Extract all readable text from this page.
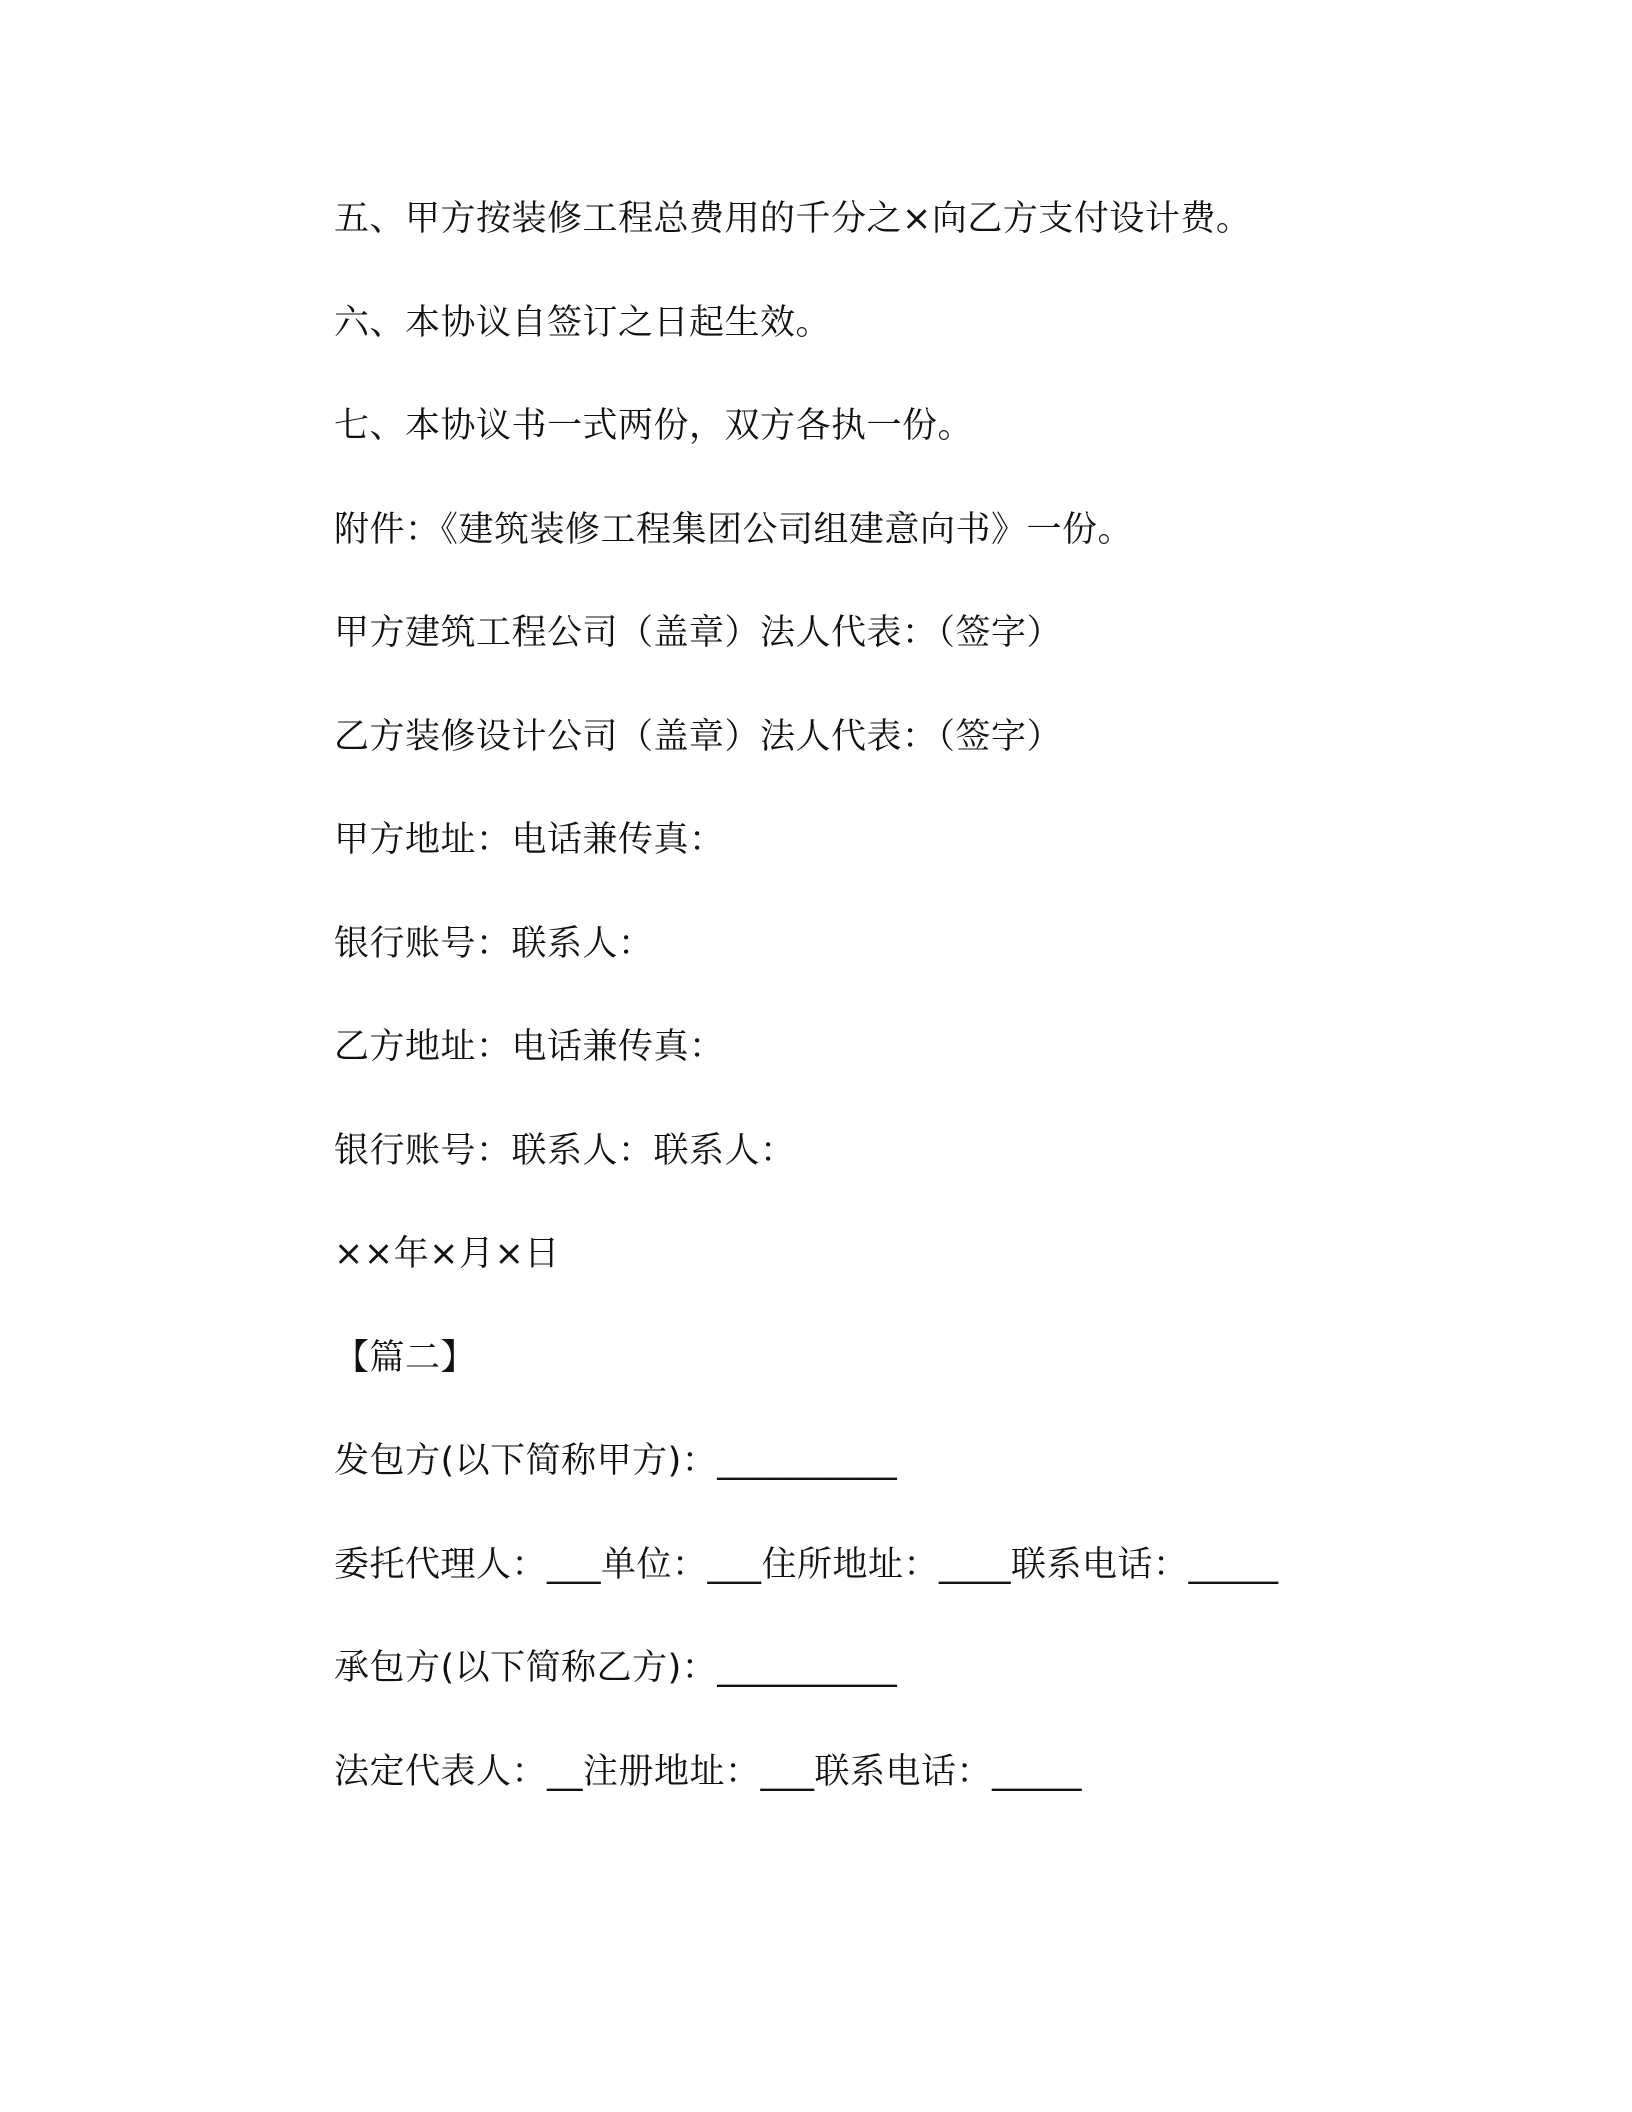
五、甲方按装修工程总费用的千分之×向乙方支付设计费。
六、本协议自签订之日起生效。
七、本协议书一式两份，双方各执一份。
附件：《建筑装修工程集团公司组建意向书》一份。
甲方建筑工程公司（盖章）法人代表：（签字）
乙方装修设计公司（盖章）法人代表：（签字）
甲方地址：电话兼传真：
银行账号：联系人：
乙方地址：电话兼传真：
银行账号：联系人：联系人：
××年×月×日
【篇二】
发包方(以下简称甲方)：__________
委托代理人：___单位：___住所地址：____联系电话：_____
承包方(以下简称乙方)：__________
法定代表人：__注册地址：___联系电话：_____
